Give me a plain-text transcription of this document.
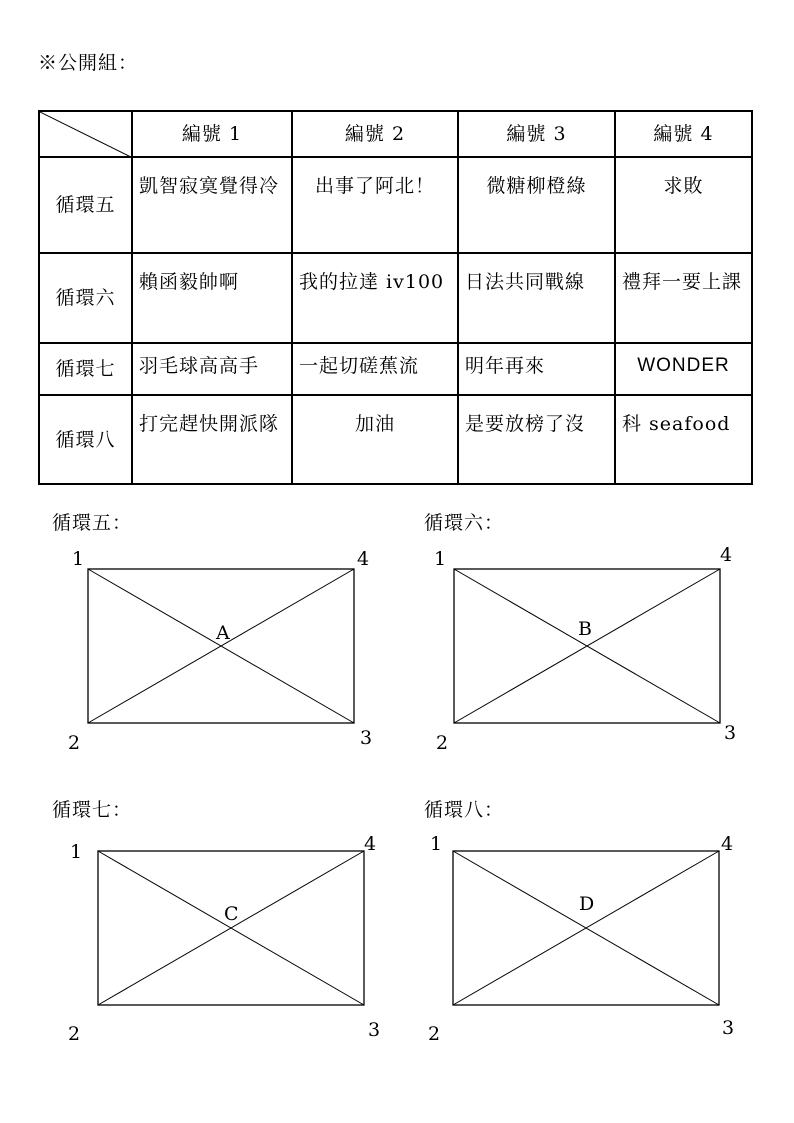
※公開組：
	編號 1	編號 2	編號 3	編號 4
循環五	凱智寂寞覺得冷	出事了阿北！	微糖柳橙綠	求敗
循環六	賴函毅帥啊	我的拉達 iv100	日法共同戰線	禮拜一要上課
循環七	羽毛球高高手	一起切磋蕉流	明年再來	WONDER
循環八	打完趕快開派隊	加油	是要放榜了沒	科 seafood
循環五：
1
2	3
4
A
循環六：
1
2	3
4
B
循環七：
1
2	3
4
C
循環八：
1
2	3
4
D
